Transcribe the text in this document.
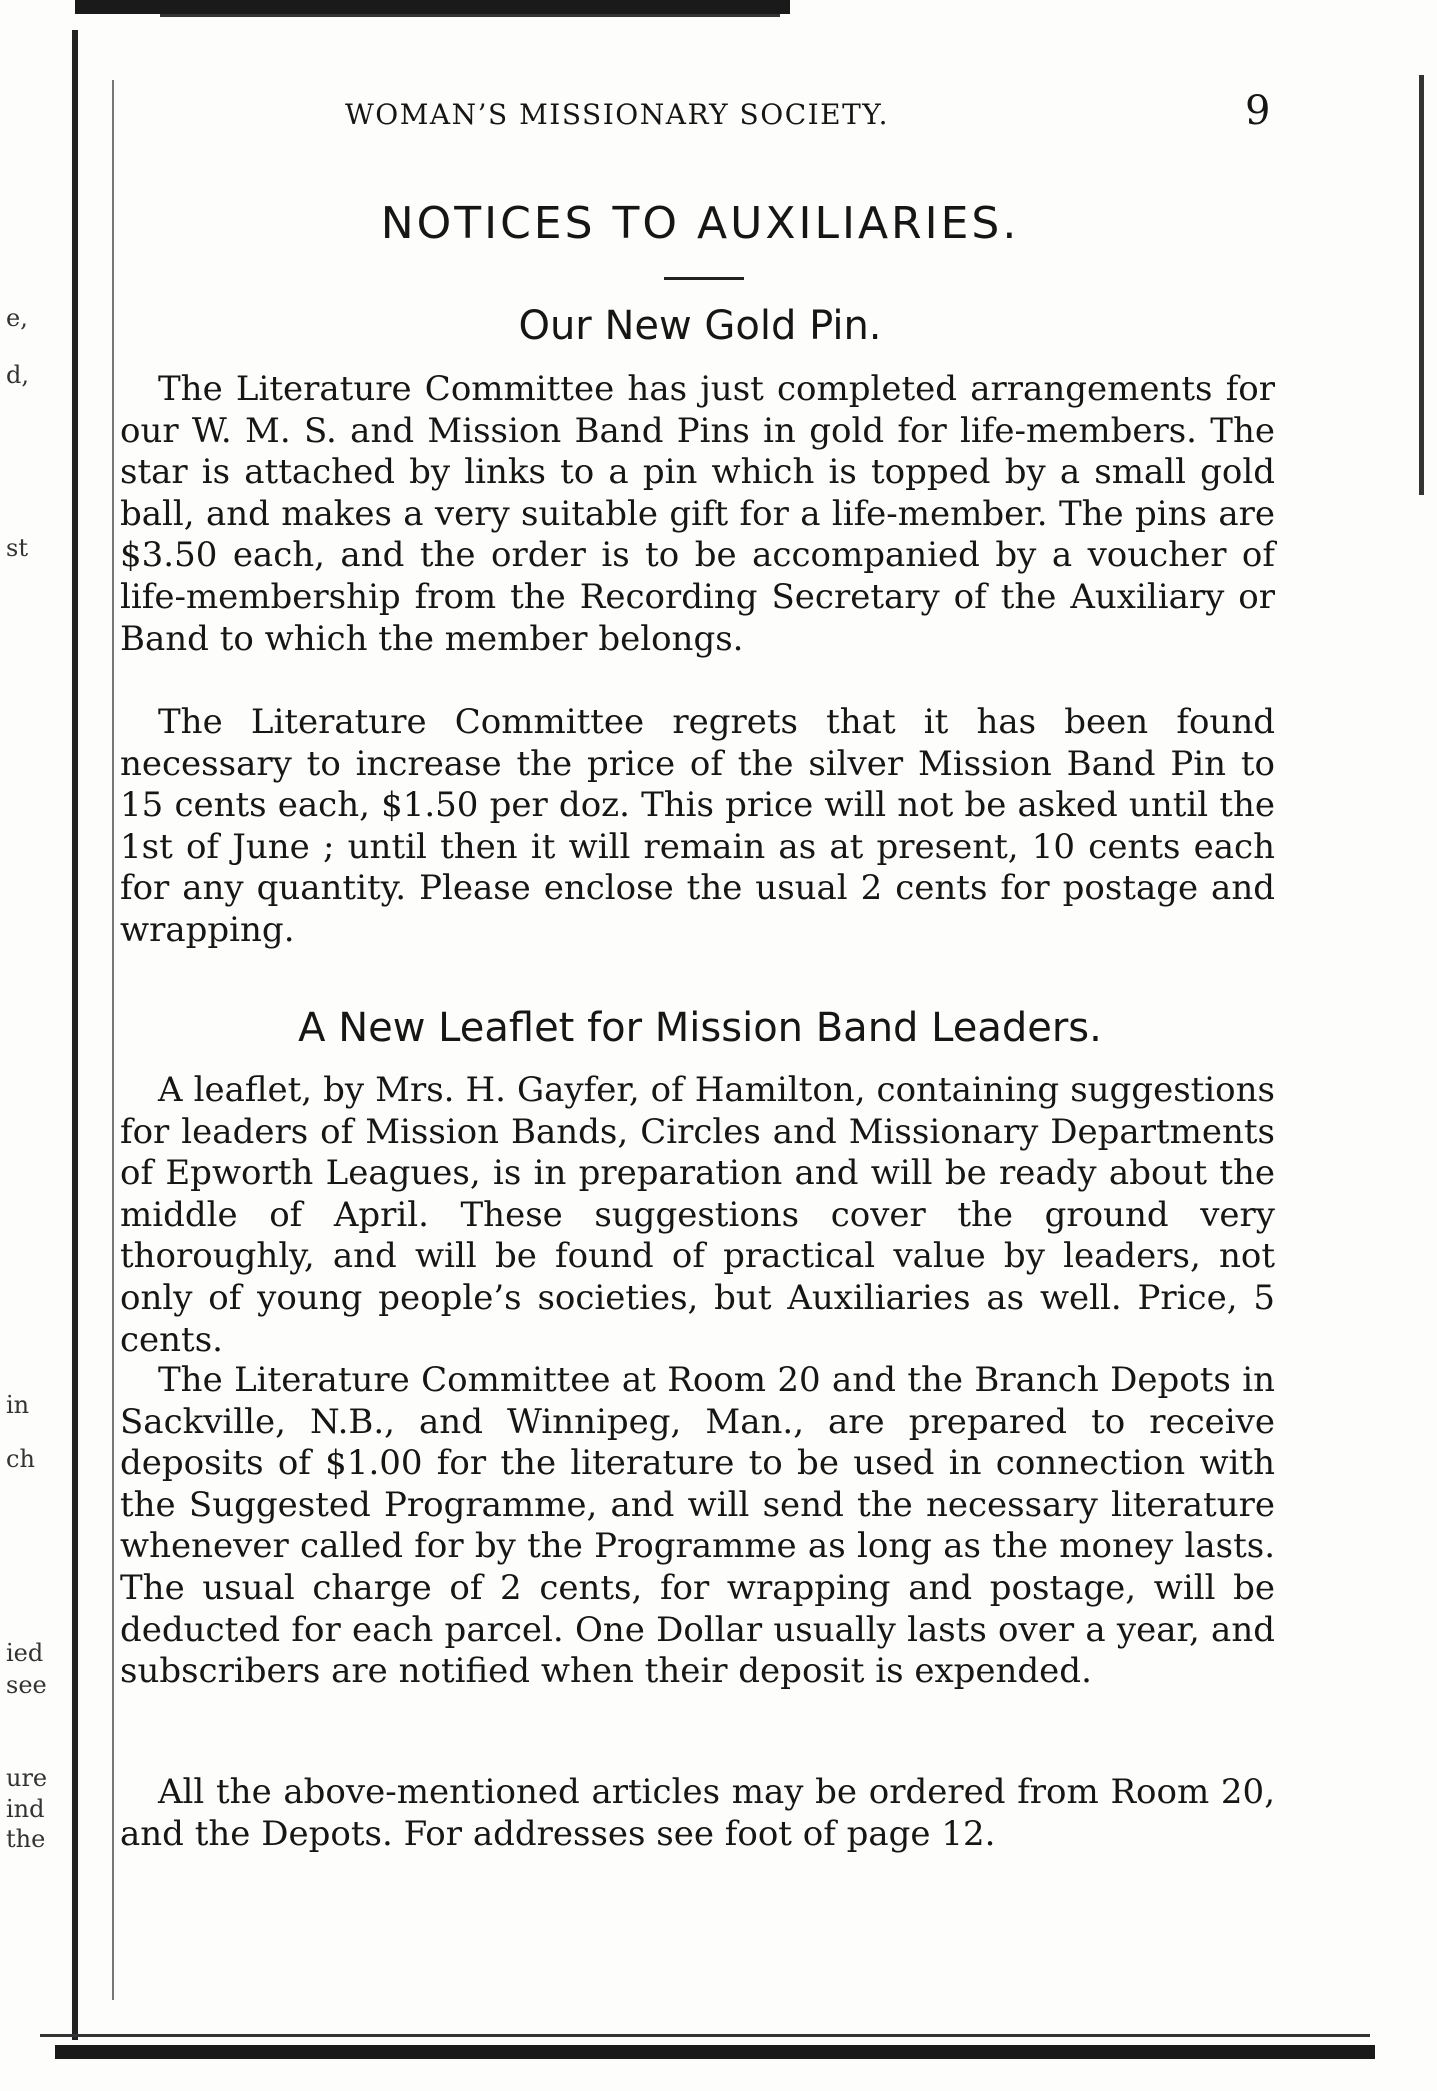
e,
d,
st
in
ch
ied
see
ure
ind
the
WOMAN’S MISSIONARY SOCIETY.	9
NOTICES TO AUXILIARIES.
Our New Gold Pin.

The Literature Committee has just completed arrangements for our W. M. S. and Mission Band Pins in gold for life-members. The star is attached by links to a pin which is topped by a small gold ball, and makes a very suitable gift for a life-member. The pins are $3.50 each, and the order is to be accompanied by a voucher of life-membership from the Recording Secretary of the Auxiliary or Band to which the member belongs.

The Literature Committee regrets that it has been found necessary to increase the price of the silver Mission Band Pin to 15 cents each, $1.50 per doz. This price will not be asked until the 1st of June ; until then it will remain as at present, 10 cents each for any quantity. Please enclose the usual 2 cents for postage and wrapping.

A New Leaflet for Mission Band Leaders.

A leaflet, by Mrs. H. Gayfer, of Hamilton, containing suggestions for leaders of Mission Bands, Circles and Missionary Departments of Epworth Leagues, is in preparation and will be ready about the middle of April. These suggestions cover the ground very thoroughly, and will be found of practical value by leaders, not only of young people’s societies, but Auxiliaries as well. Price, 5 cents.

The Literature Committee at Room 20 and the Branch Depots in Sackville, N.B., and Winnipeg, Man., are prepared to receive deposits of $1.00 for the literature to be used in connection with the Suggested Programme, and will send the necessary literature whenever called for by the Programme as long as the money lasts. The usual charge of 2 cents, for wrapping and postage, will be deducted for each parcel. One Dollar usually lasts over a year, and subscribers are notified when their deposit is expended.

All the above-mentioned articles may be ordered from Room 20, and the Depots. For addresses see foot of page 12.
